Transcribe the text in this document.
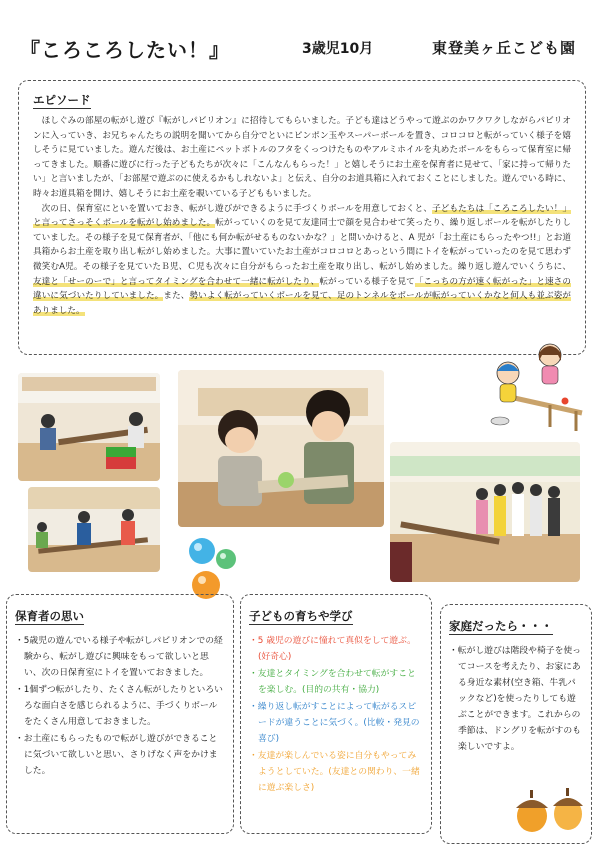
『ころころしたい！』	3歳児10月	東登美ヶ丘こども園
エピソード

ほしぐみの部屋の転がし遊び『転がしパビリオン』に招待してもらいました。子ども達はどうやって遊ぶのかワクワクしながらパビリオンに入っていき、お兄ちゃんたちの説明を聞いてから自分でといにピンポン玉やスーパーボールを置き、コロコロと転がっていく様子を嬉しそうに見ていました。遊んだ後は、お土産にペットボトルのフタをくっつけたものやアルミホイルを丸めたボールをもらって保育室に帰ってきました。順番に遊びに行った子どもたちが次々に「こんなんもらった！」と嬉しそうにお土産を保育者に見せて、「家に持って帰りたい」と言いましたが、「お部屋で遊ぶのに使えるかもしれないよ」と伝え、自分のお道具箱に入れておくことにしました。遊んでいる時に、時々お道具箱を開け、嬉しそうにお土産を覗いている子どももいました。

次の日、保育室にといを置いておき、転がし遊びができるように手づくりボールを用意しておくと、子どもたちは「ころころしたい！」と言ってさっそくボールを転がし始めました。転がっていくのを見て友達同士で顔を見合わせて笑ったり、繰り返しボールを転がしたりしていました。その様子を見て保育者が、「他にも何か転がせるものないかな？」と問いかけると、A 児が「お土産にもらったやつ!!」とお道具箱からお土産を取り出し転がし始めました。大事に置いていたお土産がコロコロとあっという間にトイを転がっていったのを見て思わず微笑むA児。その様子を見ていたＢ児、Ｃ児も次々に自分がもらったお土産を取り出し、転がし始めました。繰り返し遊んでいくうちに、友達と「せーのーで」と言ってタイミングを合わせて一緒に転がしたり、転がっている様子を見て「こっちの方が速く転がった」と速さの違いに気づいたりしていました。また、勢いよく転がっていくボールを見て、足のトンネルをボールが転がっていくかなと何人も並ぶ姿がありました。

保育者の思い
・5歳児の遊んでいる様子や転がしパビリオンでの経験から、転がし遊びに興味をもって欲しいと思い、次の日保育室にトイを置いておきました。
・1個ずつ転がしたり、たくさん転がしたりといろいろな面白さを感じられるように、手づくりボールをたくさん用意しておきました。
・お土産にもらったもので転がし遊びができることに気づいて欲しいと思い、さりげなく声をかけました。
子どもの育ちや学び
・5 歳児の遊びに憧れて真似をして遊ぶ。(好奇心)
・友達とタイミングを合わせて転がすことを楽しむ。(目的の共有・協力)
・繰り返し転がすことによって転がるスピードが違うことに気づく。(比較・発見の喜び)
・友達が楽しんでいる姿に自分もやってみようとしていた。(友達との関わり、一緒に遊ぶ楽しさ)
家庭だったら・・・

・転がし遊びは階段や椅子を使ってコースを考えたり、お家にある身近な素材(空き箱、牛乳パックなど)を使ったりしても遊ぶことができます。これからの季節は、ドングリを転がすのも楽しいですよ。
